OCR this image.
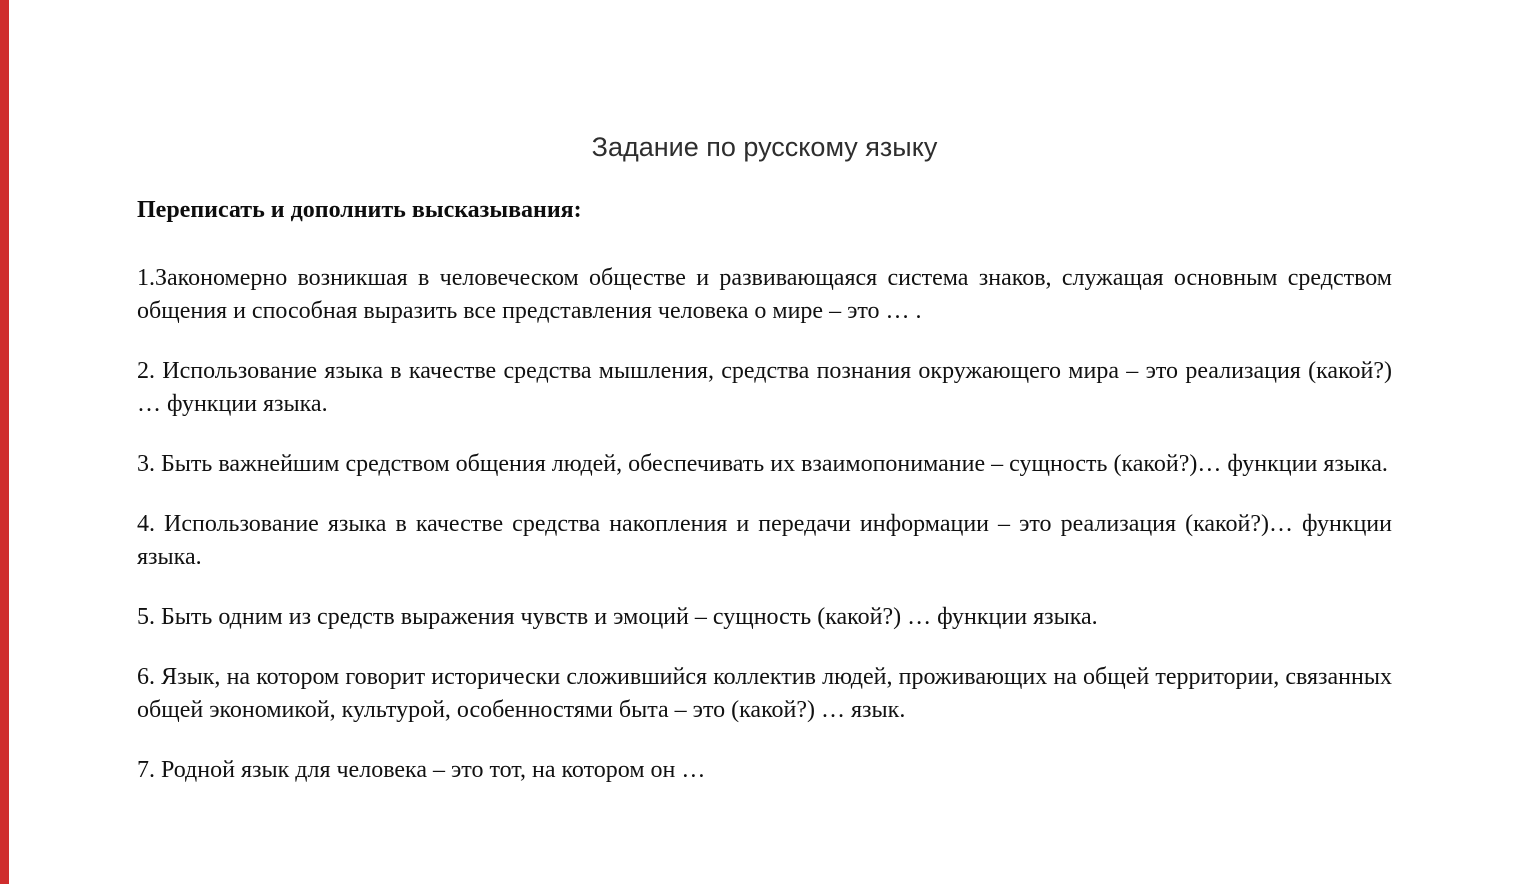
Задание по русскому языку
Переписать и дополнить высказывания:

1.Закономерно возникшая в человеческом обществе и развивающаяся система знаков, служащая основным средством общения и способная выразить все представления человека о мире – это … .

2. Использование языка в качестве средства мышления, средства познания окружающего мира – это реализация (какой?) … функции языка.

3. Быть важнейшим средством общения людей, обеспечивать их взаимопонимание – сущность (какой?)… функции языка.

4. Использование языка в качестве средства накопления и передачи информации – это реализация (какой?)… функции языка.

5. Быть одним из средств выражения чувств и эмоций – сущность (какой?) … функции языка.

6. Язык, на котором говорит исторически сложившийся коллектив людей, проживающих на общей территории, связанных общей экономикой, культурой, особенностями быта – это (какой?) … язык.

7. Родной язык для человека – это тот, на котором он …
